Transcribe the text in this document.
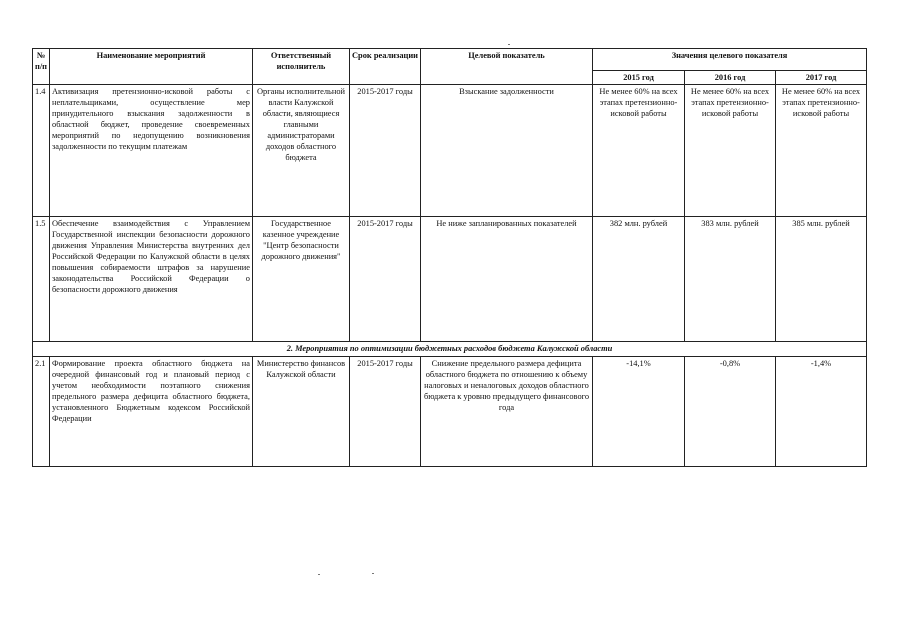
№ п/п	Наименование мероприятий	Ответственный исполнитель	Срок реализации	Целевой показатель	Значения целевого показателя		
					2015 год	2016 год	2017 год
1.4	Активизация претензионно-исковой работы с неплательщиками, осуществление мер принудительного взыскания задолженности в областной бюджет, проведение своевременных мероприятий по недопущению возникновения задолженности по текущим платежам	Органы исполнительной власти Калужской области, являющиеся главными администраторами доходов областного бюджета	2015-2017 годы	Взыскание задолженности	Не менее 60% на всех этапах претензионно-исковой работы	Не менее 60% на всех этапах претензионно-исковой работы	Не менее 60% на всех этапах претензионно-исковой работы
1.5	Обеспечение взаимодействия с Управлением Государственной инспекции безопасности дорожного движения Управления Министерства внутренних дел Российской Федерации по Калужской области в целях повышения собираемости штрафов за нарушение законодательства Российской Федерации о безопасности дорожного движения	Государственное казенное учреждение "Центр безопасности дорожного движения"	2015-2017 годы	Не ниже запланированных показателей	382 млн. рублей	383 млн. рублей	385 млн. рублей
2. Мероприятия по оптимизации бюджетных расходов бюджета Калужской области							
2.1	Формирование проекта областного бюджета на очередной финансовый год и плановый период с учетом необходимости поэтапного снижения предельного размера дефицита областного бюджета, установленного Бюджетным кодексом Российской Федерации	Министерство финансов Калужской области	2015-2017 годы	Снижение предельного размера дефицита областного бюджета по отношению к объему налоговых и неналоговых доходов областного бюджета к уровню предыдущего финансового года	-14,1%	-0,8%	-1,4%
